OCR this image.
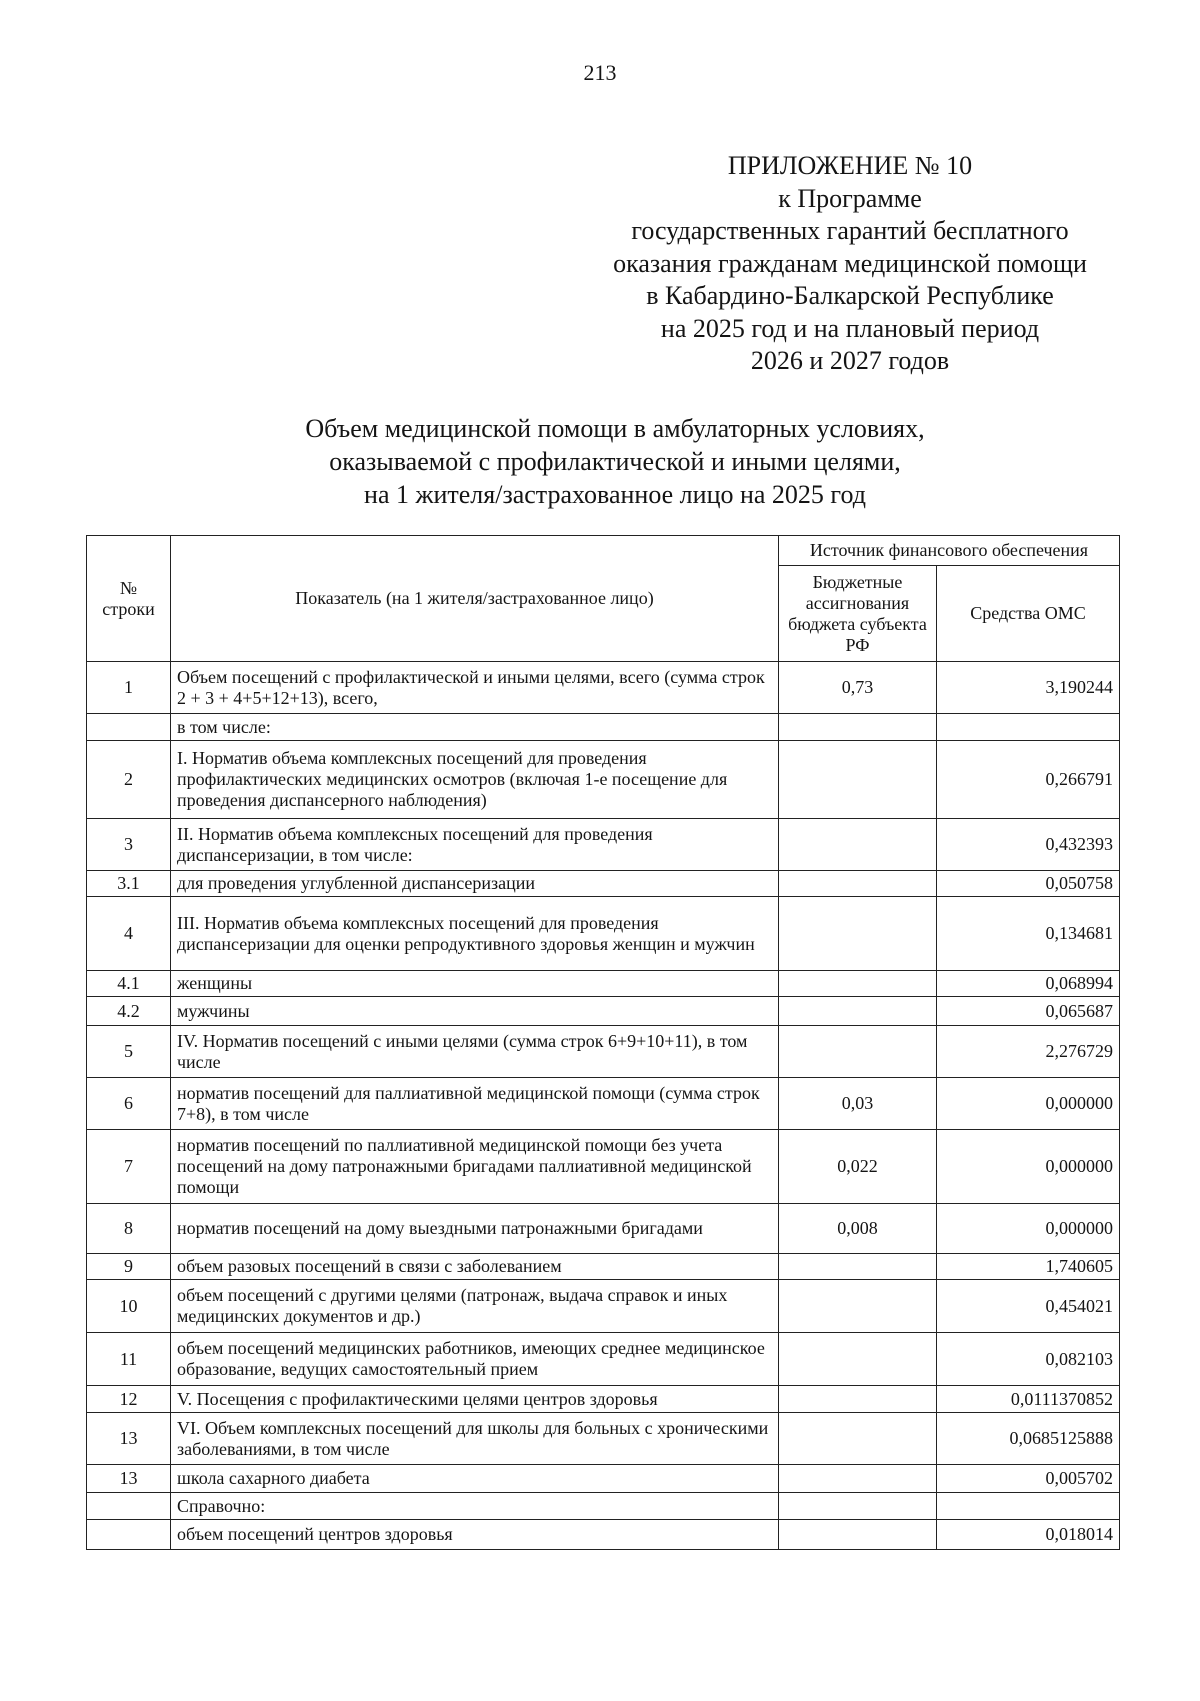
213
ПРИЛОЖЕНИЕ № 10
к Программе
государственных гарантий бесплатного
оказания гражданам медицинской помощи
в Кабардино-Балкарской Республике
на 2025 год и на плановый период
2026 и 2027 годов
Объем медицинской помощи в амбулаторных условиях,
оказываемой с профилактической и иными целями,
на 1 жителя/застрахованное лицо на 2025 год
№ строки	Показатель (на 1 жителя/застрахованное лицо)	Источник финансового обеспечения	
		Бюджетные ассигнования бюджета субъекта РФ	Средства ОМС
1	Объем посещений с профилактической и иными целями, всего (сумма строк 2 + 3 + 4+5+12+13), всего,	0,73	3,190244
	в том числе:		
2	I. Норматив объема комплексных посещений для проведения профилактических медицинских осмотров (включая 1-е посещение для проведения диспансерного наблюдения)		0,266791
3	II. Норматив объема комплексных посещений для проведения диспансеризации, в том числе:		0,432393
3.1	для проведения углубленной диспансеризации		0,050758
4	III. Норматив объема комплексных посещений для проведения диспансеризации для оценки репродуктивного здоровья женщин и мужчин		0,134681
4.1	женщины		0,068994
4.2	мужчины		0,065687
5	IV. Норматив посещений с иными целями (сумма строк 6+9+10+11), в том числе		2,276729
6	норматив посещений для паллиативной медицинской помощи (сумма строк 7+8), в том числе	0,03	0,000000
7	норматив посещений по паллиативной медицинской помощи без учета посещений на дому патронажными бригадами паллиативной медицинской помощи	0,022	0,000000
8	норматив посещений на дому выездными патронажными бригадами	0,008	0,000000
9	объем разовых посещений в связи с заболеванием		1,740605
10	объем посещений с другими целями (патронаж, выдача справок и иных медицинских документов и др.)		0,454021
11	объем посещений медицинских работников, имеющих среднее медицинское образование, ведущих самостоятельный прием		0,082103
12	V. Посещения с профилактическими целями центров здоровья		0,0111370852
13	VI. Объем комплексных посещений для школы для больных с хроническими заболеваниями, в том числе		0,0685125888
13	школа сахарного диабета		0,005702
	Справочно:		
	объем посещений центров здоровья		0,018014
